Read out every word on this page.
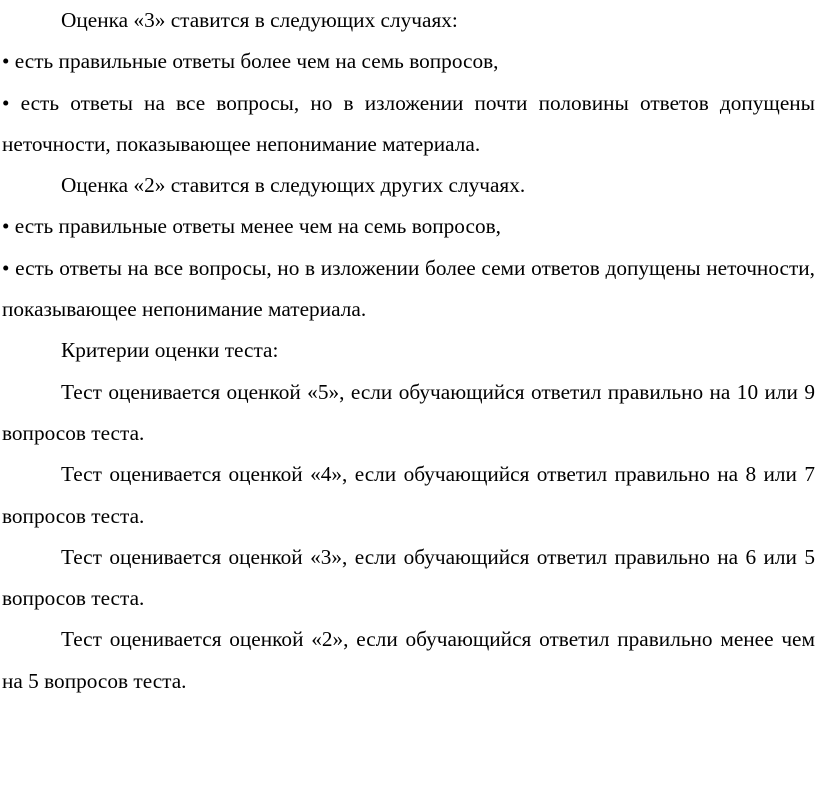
Оценка «3» ставится в следующих случаях:

• есть правильные ответы более чем на семь вопросов,

• есть ответы на все вопросы, но в изложении почти половины ответов допущены неточности, показывающее непонимание материала.

Оценка «2» ставится в следующих других случаях.

• есть правильные ответы менее чем на семь вопросов,

• есть ответы на все вопросы, но в изложении более семи ответов допущены неточности, показывающее непонимание материала.

Критерии оценки теста:

Тест оценивается оценкой «5», если обучающийся ответил правильно на 10 или 9 вопросов теста.

Тест оценивается оценкой «4», если обучающийся ответил правильно на 8 или 7 вопросов теста.

Тест оценивается оценкой «3», если обучающийся ответил правильно на 6 или 5 вопросов теста.

Тест оценивается оценкой «2», если обучающийся ответил правильно менее чем на 5 вопросов теста.
